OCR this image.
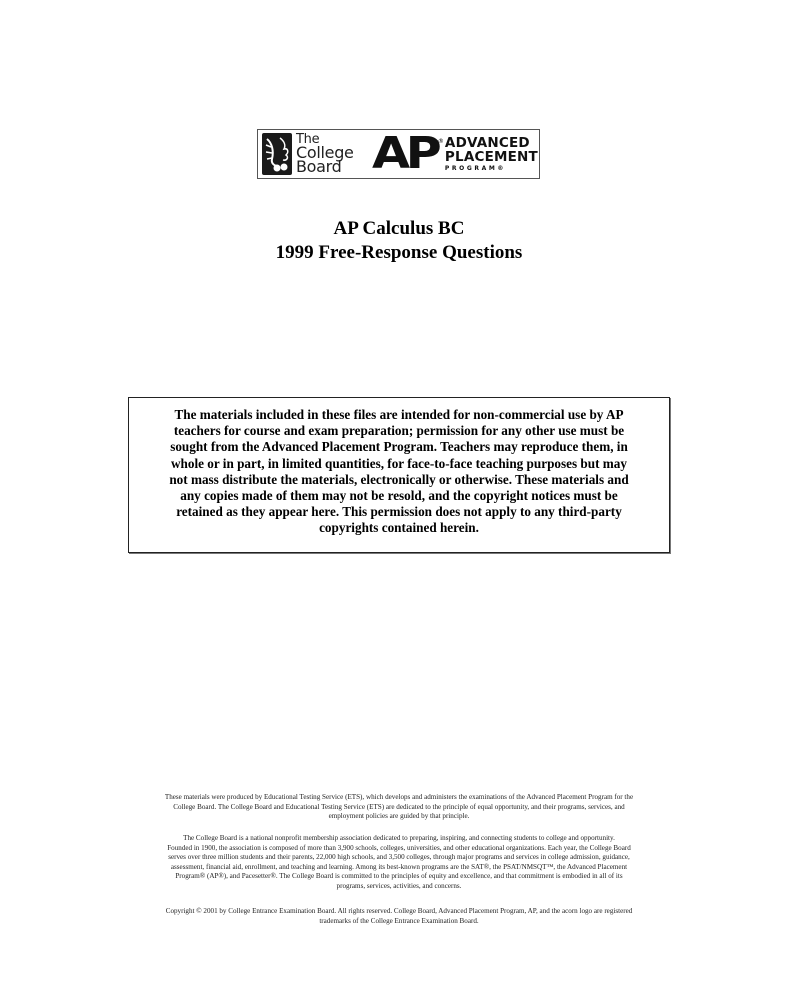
The
College
Board AP ® ADVANCED
PLACEMENT
PROGRAM®
AP Calculus BC
1999 Free-Response Questions
The materials included in these files are intended for non-commercial use by AP
teachers for course and exam preparation; permission for any other use must be
sought from the Advanced Placement Program. Teachers may reproduce them, in
whole or in part, in limited quantities, for face-to-face teaching purposes but may
not mass distribute the materials, electronically or otherwise. These materials and
any copies made of them may not be resold, and the copyright notices must be
retained as they appear here. This permission does not apply to any third-party
copyrights contained herein.
These materials were produced by Educational Testing Service (ETS), which develops and administers the examinations of the Advanced Placement Program for the
College Board. The College Board and Educational Testing Service (ETS) are dedicated to the principle of equal opportunity, and their programs, services, and
employment policies are guided by that principle.
The College Board is a national nonprofit membership association dedicated to preparing, inspiring, and connecting students to college and opportunity.
Founded in 1900, the association is composed of more than 3,900 schools, colleges, universities, and other educational organizations. Each year, the College Board
serves over three million students and their parents, 22,000 high schools, and 3,500 colleges, through major programs and services in college admission, guidance,
assessment, financial aid, enrollment, and teaching and learning. Among its best-known programs are the SAT®, the PSAT/NMSQT™, the Advanced Placement
Program® (AP®), and Pacesetter®. The College Board is committed to the principles of equity and excellence, and that commitment is embodied in all of its
programs, services, activities, and concerns.
Copyright © 2001 by College Entrance Examination Board. All rights reserved. College Board, Advanced Placement Program, AP, and the acorn logo are registered
trademarks of the College Entrance Examination Board.
